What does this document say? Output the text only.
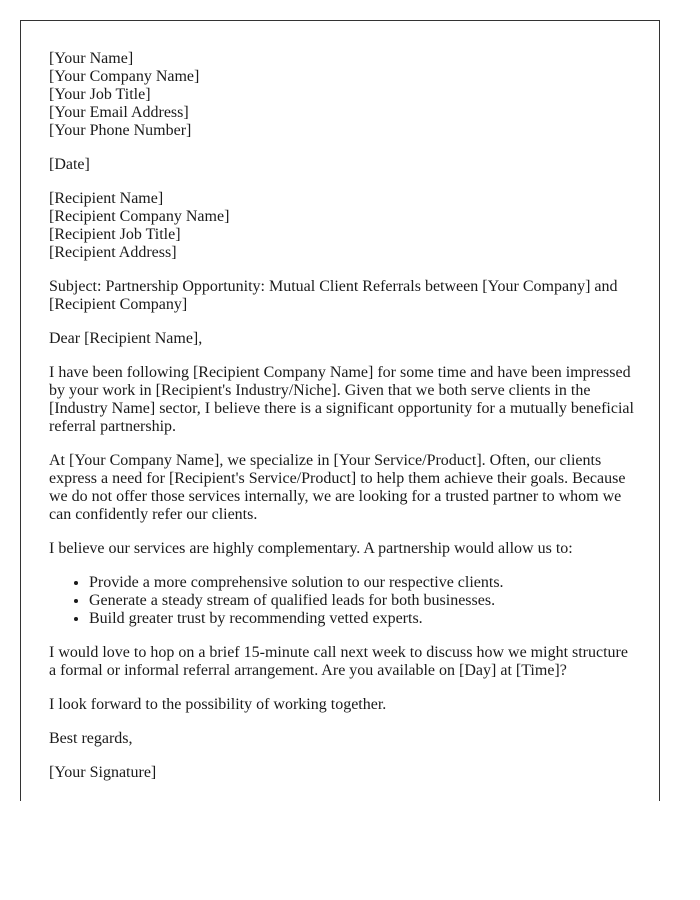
[Your Name]
[Your Company Name]
[Your Job Title]
[Your Email Address]
[Your Phone Number]

[Date]

[Recipient Name]
[Recipient Company Name]
[Recipient Job Title]
[Recipient Address]

Subject: Partnership Opportunity: Mutual Client Referrals between [Your Company] and [Recipient Company]

Dear [Recipient Name],

I have been following [Recipient Company Name] for some time and have been impressed by your work in [Recipient's Industry/Niche]. Given that we both serve clients in the [Industry Name] sector, I believe there is a significant opportunity for a mutually beneficial referral partnership.

At [Your Company Name], we specialize in [Your Service/Product]. Often, our clients express a need for [Recipient's Service/Product] to help them achieve their goals. Because we do not offer those services internally, we are looking for a trusted partner to whom we can confidently refer our clients.

I believe our services are highly complementary. A partnership would allow us to:

• Provide a more comprehensive solution to our respective clients.
• Generate a steady stream of qualified leads for both businesses.
• Build greater trust by recommending vetted experts.

I would love to hop on a brief 15-minute call next week to discuss how we might structure a formal or informal referral arrangement. Are you available on [Day] at [Time]?

I look forward to the possibility of working together.

Best regards,

[Your Signature]
